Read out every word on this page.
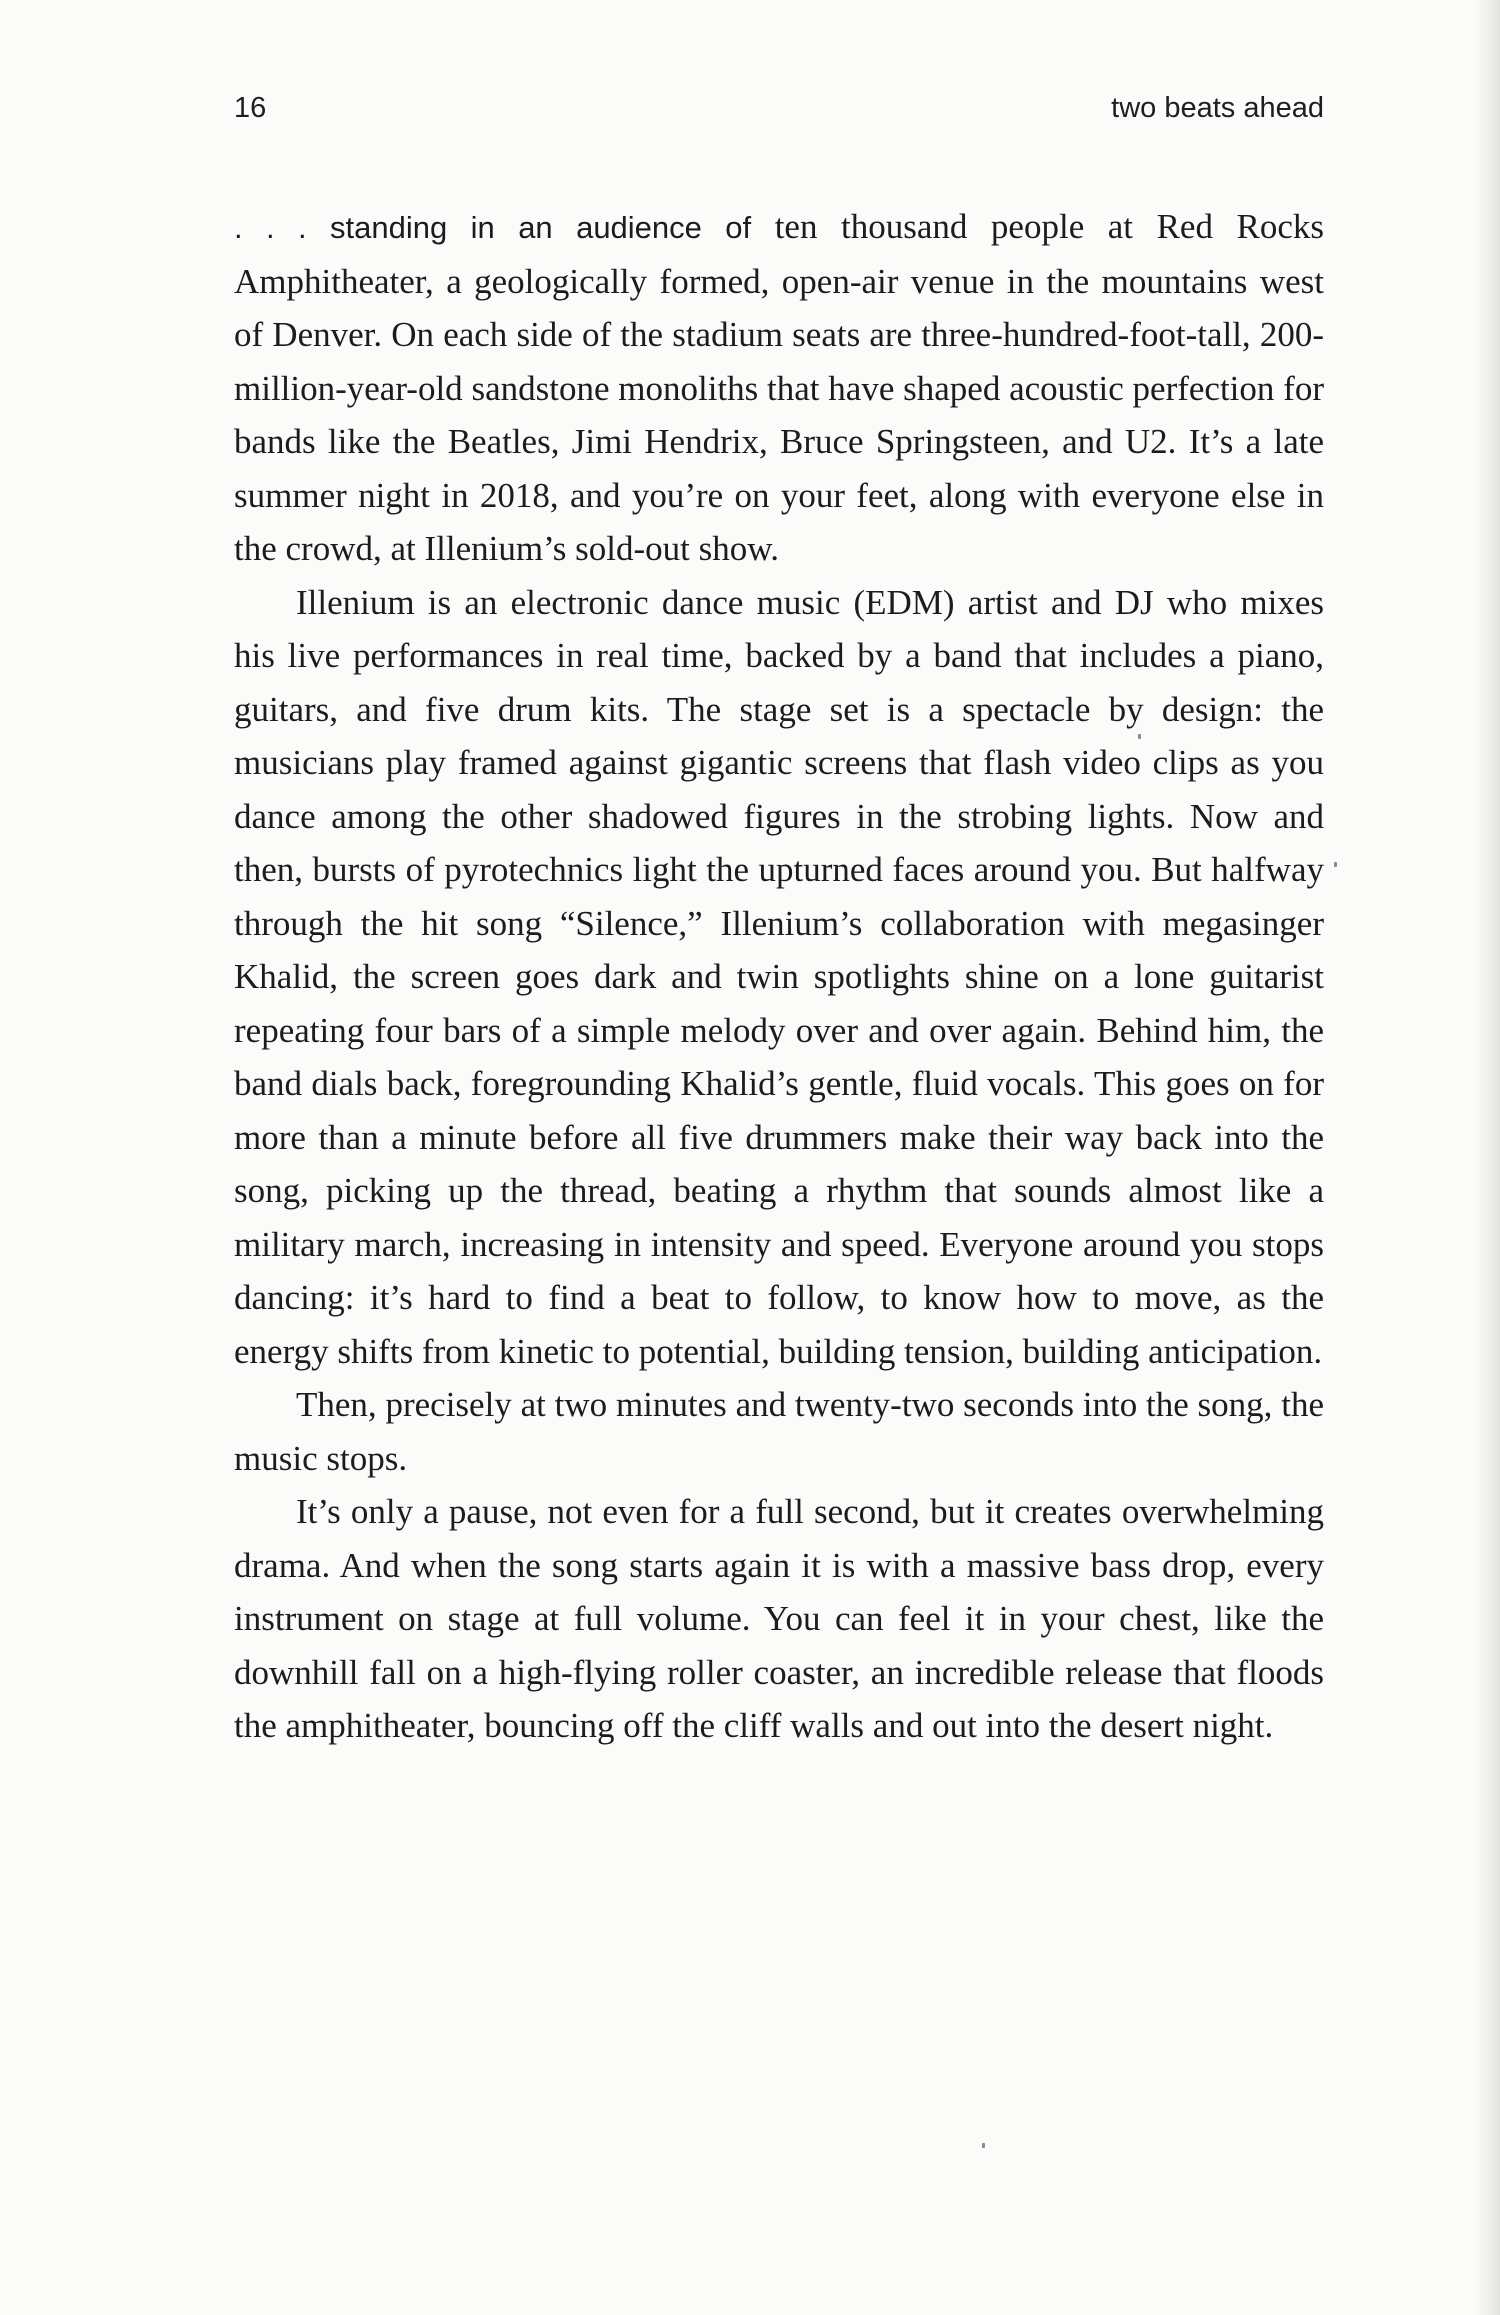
16	two beats ahead

. . . standing in an audience of ten thousand people at Red Rocks Amphitheater, a geologically formed, open-air venue in the mountains west of Denver. On each side of the stadium seats are three-hundred-foot-tall, 200-million-year-old sandstone monoliths that have shaped acoustic perfection for bands like the Beatles, Jimi Hendrix, Bruce Springsteen, and U2. It’s a late summer night in 2018, and you’re on your feet, along with everyone else in the crowd, at Illenium’s sold-out show.

Illenium is an electronic dance music (EDM) artist and DJ who mixes his live performances in real time, backed by a band that includes a piano, guitars, and five drum kits. The stage set is a spectacle by design: the musicians play framed against gigantic screens that flash video clips as you dance among the other shadowed figures in the strobing lights. Now and then, bursts of pyrotechnics light the upturned faces around you. But halfway through the hit song “Silence,” Illenium’s collaboration with megasinger Khalid, the screen goes dark and twin spotlights shine on a lone guitarist repeating four bars of a simple melody over and over again. Behind him, the band dials back, foregrounding Khalid’s gentle, fluid vocals. This goes on for more than a minute before all five drummers make their way back into the song, picking up the thread, beating a rhythm that sounds almost like a military march, increasing in intensity and speed. Everyone around you stops dancing: it’s hard to find a beat to follow, to know how to move, as the energy shifts from kinetic to potential, building tension, building anticipation.

Then, precisely at two minutes and twenty-two seconds into the song, the music stops.

It’s only a pause, not even for a full second, but it creates overwhelming drama. And when the song starts again it is with a massive bass drop, every instrument on stage at full volume. You can feel it in your chest, like the downhill fall on a high-flying roller coaster, an incredible release that floods the amphitheater, bouncing off the cliff walls and out into the desert night.
